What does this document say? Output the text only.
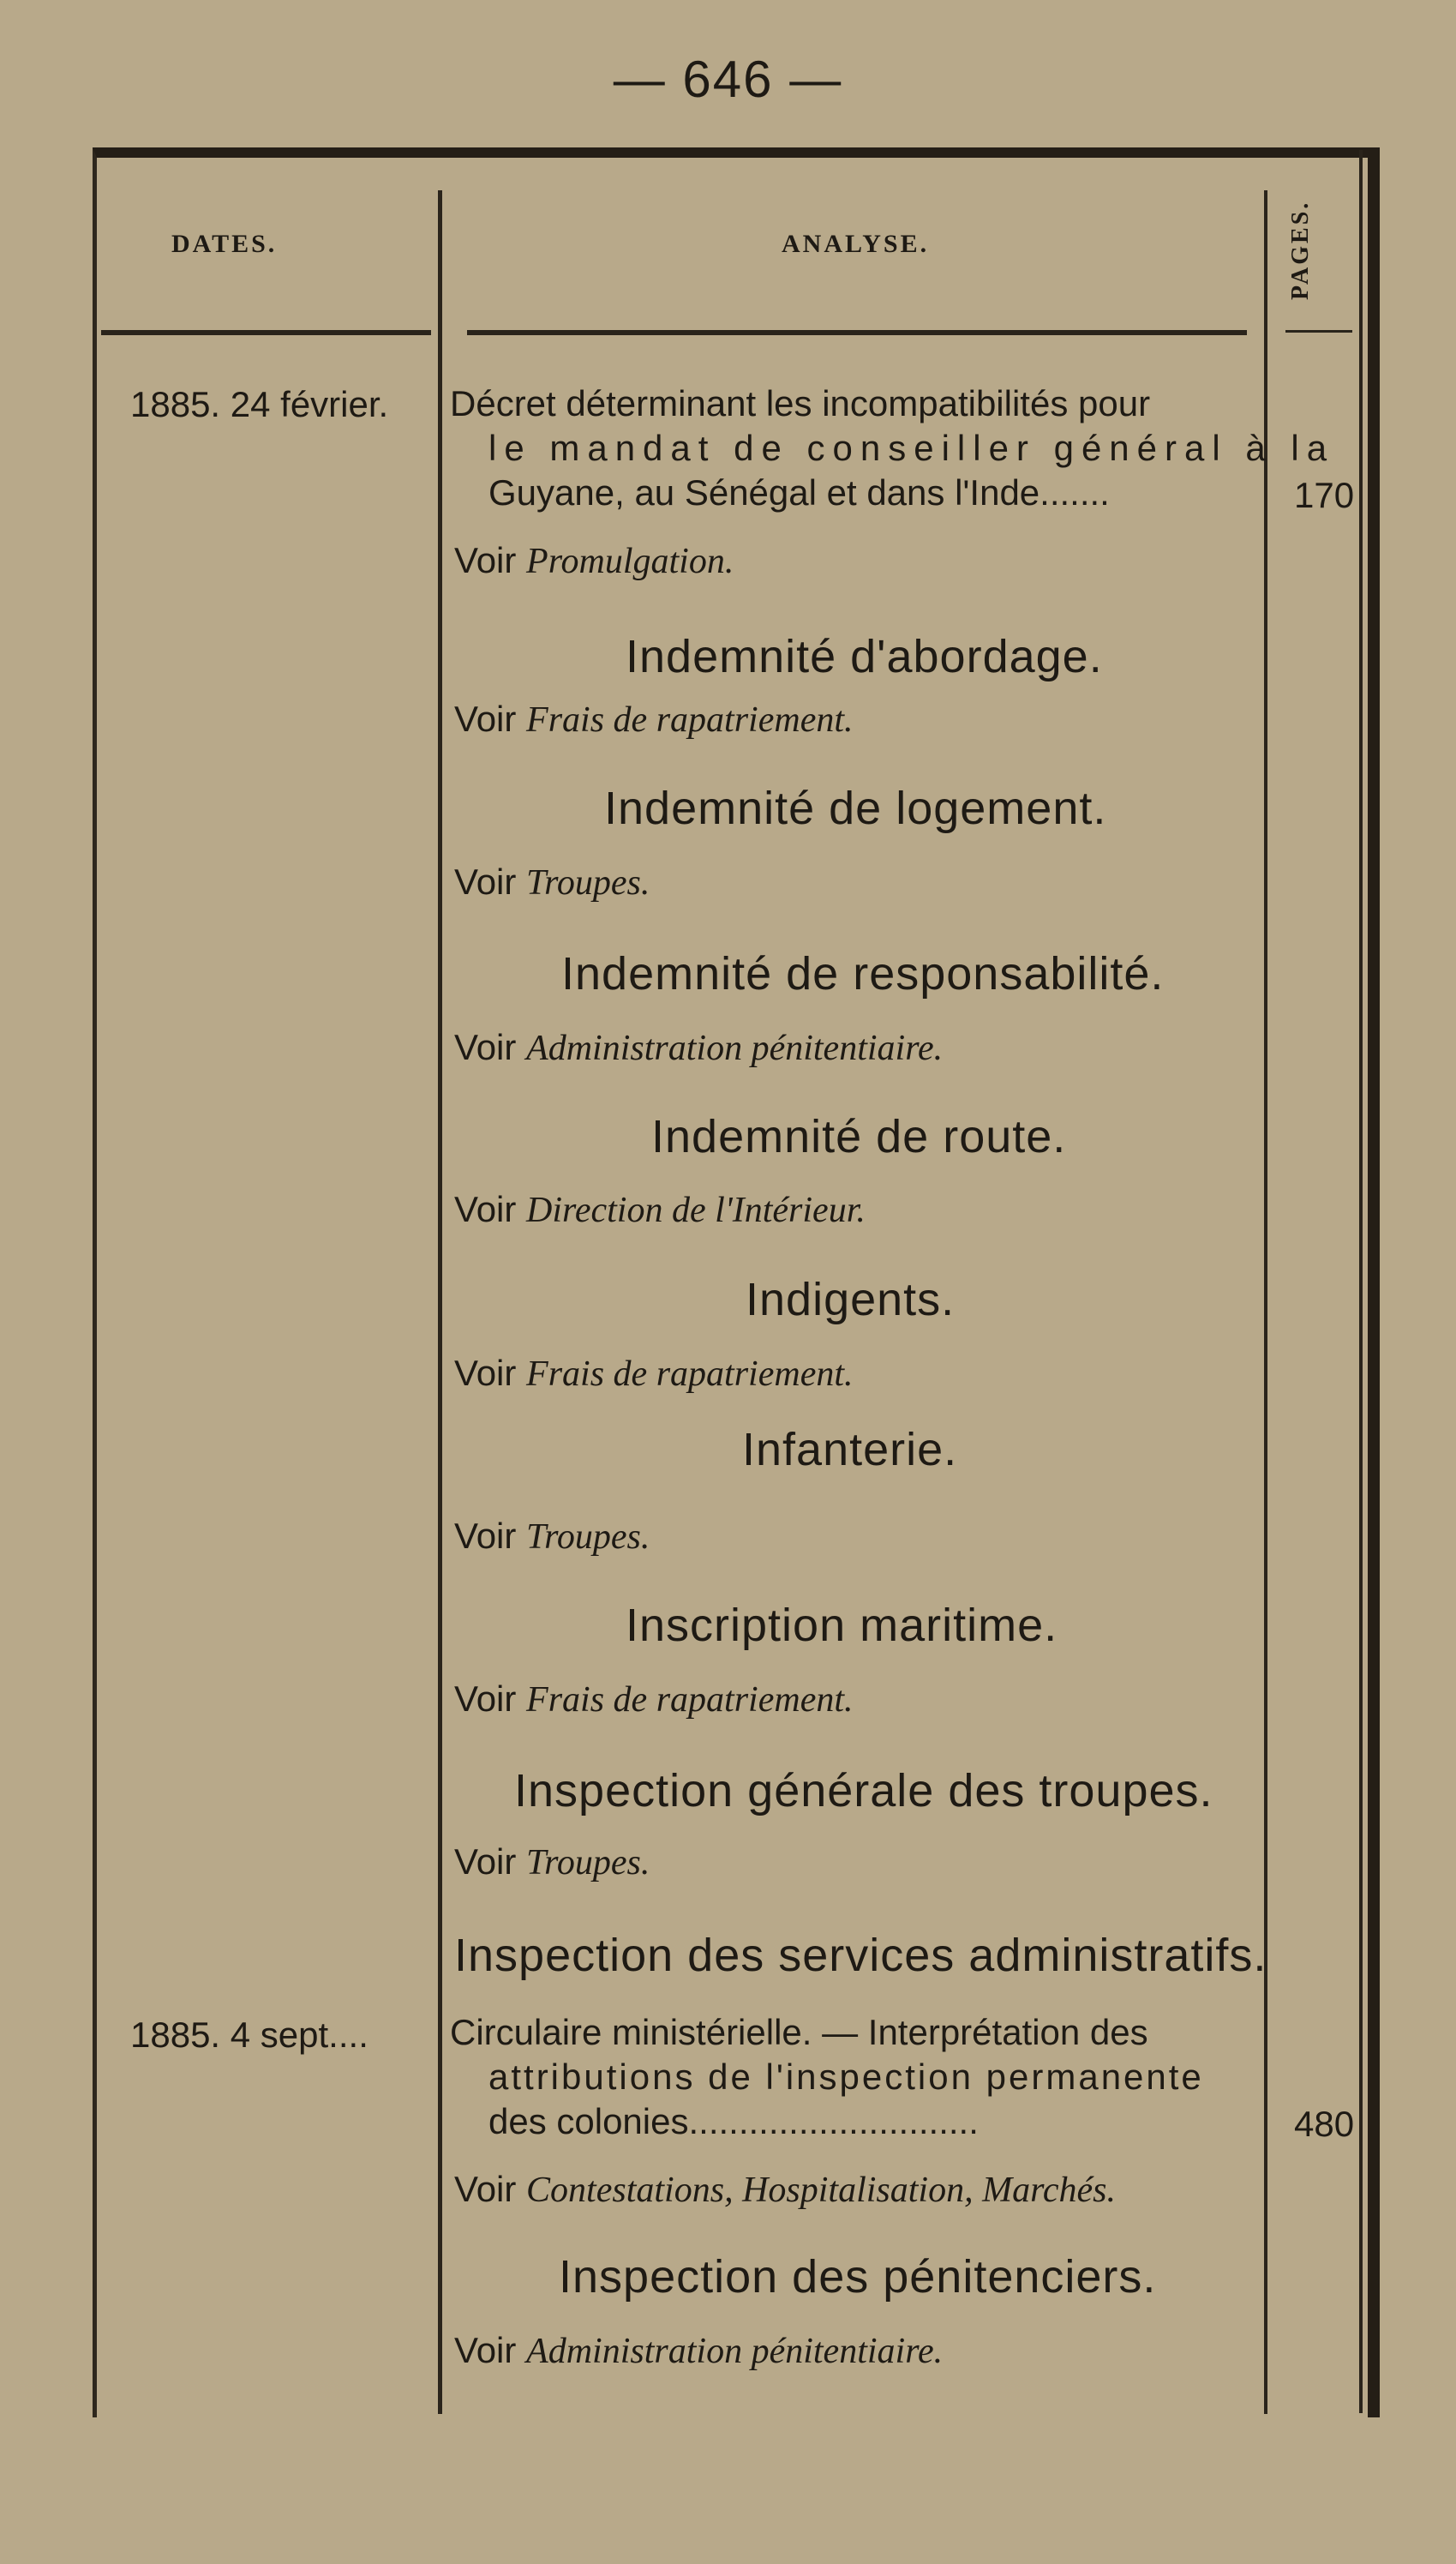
— 646 —
DATES.	ANALYSE.	PAGES.
1885. 24 février. Décret déterminant les incompatibilités pour
le mandat de conseiller général à la
Guyane, au Sénégal et dans l'Inde.......	170
Voir Promulgation.
Indemnité d'abordage.
Voir Frais de rapatriement.
Indemnité de logement.
Voir Troupes.
Indemnité de responsabilité.
Voir Administration pénitentiaire.
Indemnité de route.
Voir Direction de l'Intérieur.
Indigents.
Voir Frais de rapatriement.
Infanterie.
Voir Troupes.
Inscription maritime.
Voir Frais de rapatriement.
Inspection générale des troupes.
Voir Troupes.
Inspection des services administratifs.
1885. 4 sept.... Circulaire ministérielle. — Interprétation des
attributions de l'inspection permanente
des colonies.............................	480
Voir Contestations, Hospitalisation, Marchés.
Inspection des pénitenciers.
Voir Administration pénitentiaire.
